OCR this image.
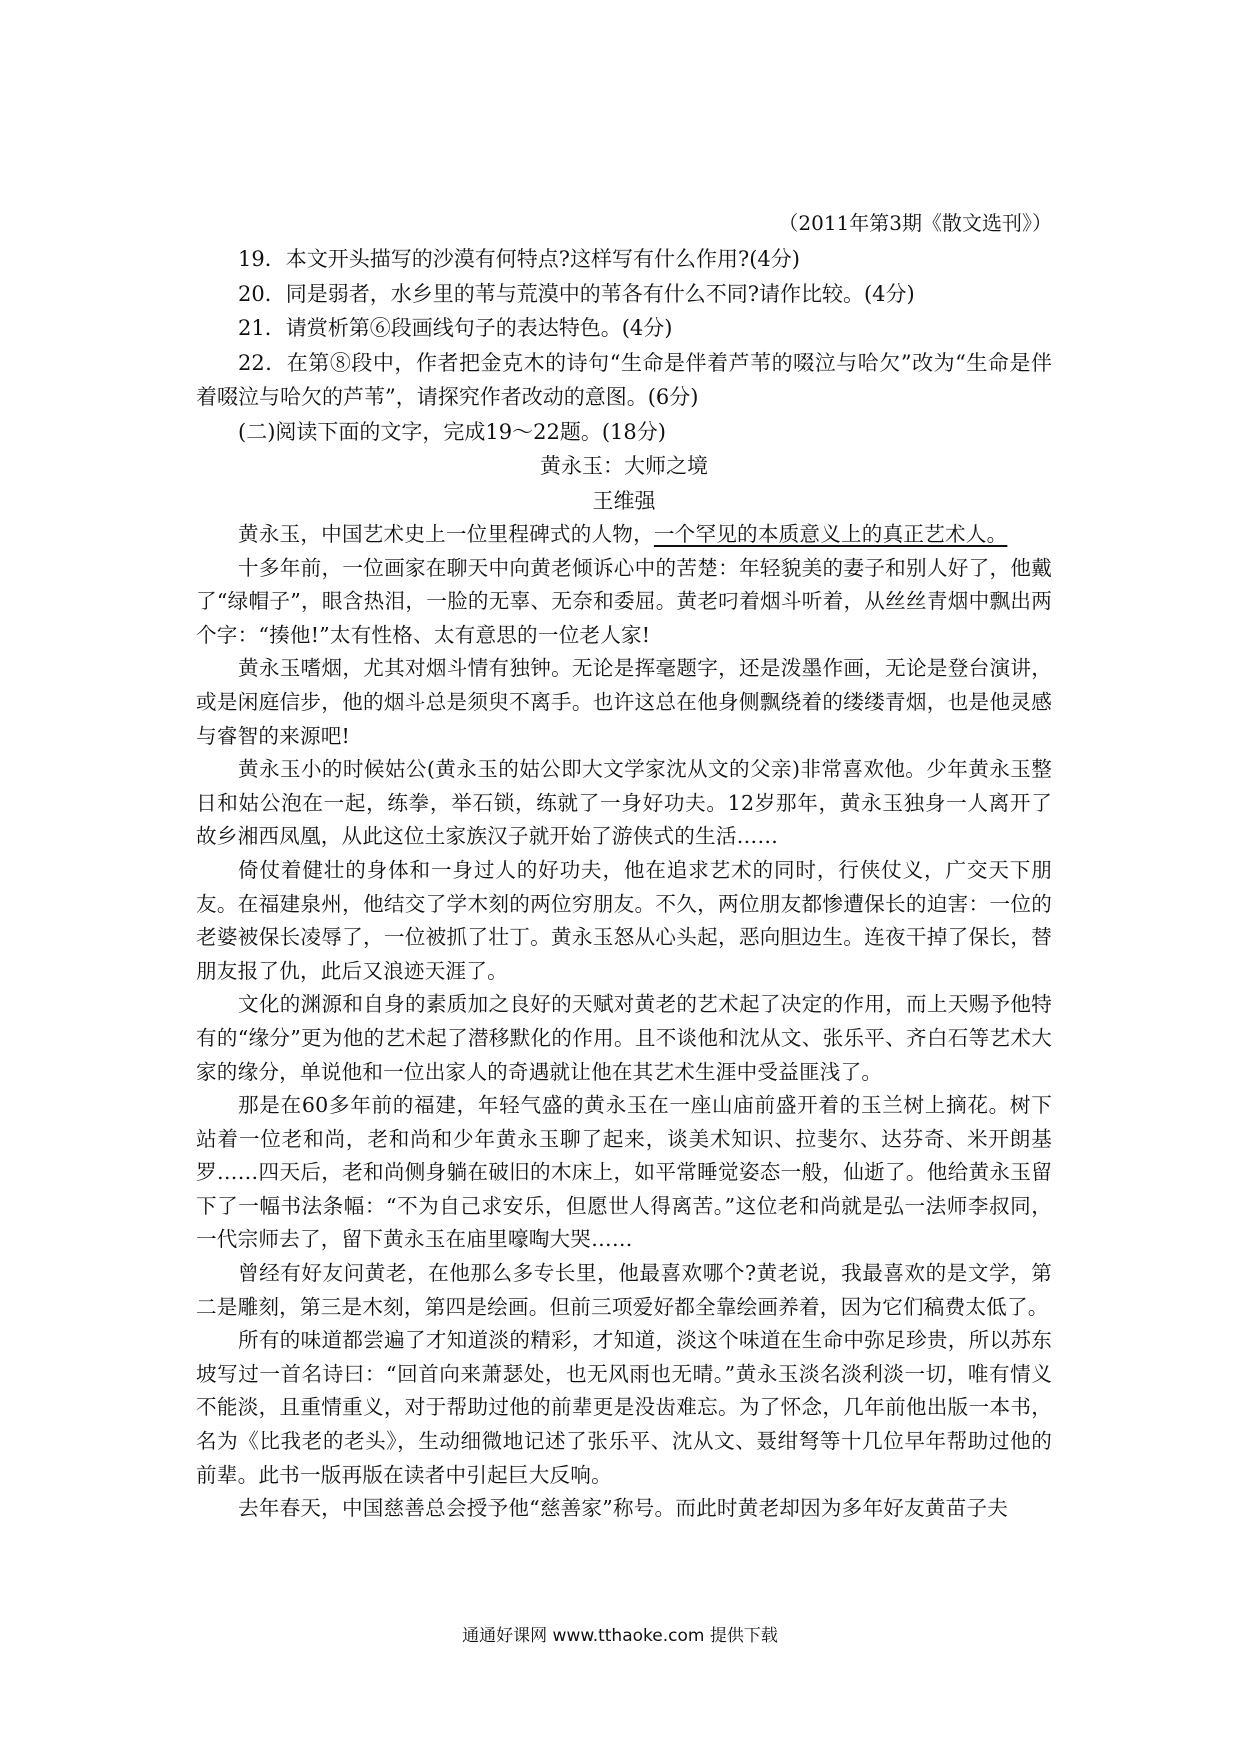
（2011年第3期《散文选刊》）

19．本文开头描写的沙漠有何特点?这样写有什么作用?(4分)

20．同是弱者，水乡里的苇与荒漠中的苇各有什么不同?请作比较。(4分)

21．请赏析第⑥段画线句子的表达特色。(4分)

22．在第⑧段中，作者把金克木的诗句“生命是伴着芦苇的啜泣与哈欠”改为“生命是伴着啜泣与哈欠的芦苇”，请探究作者改动的意图。(6分)

(二)阅读下面的文字，完成19～22题。(18分)

黄永玉：大师之境

王维强

黄永玉，中国艺术史上一位里程碑式的人物，一个罕见的本质意义上的真正艺术人。

十多年前，一位画家在聊天中向黄老倾诉心中的苦楚：年轻貌美的妻子和别人好了，他戴了“绿帽子”，眼含热泪，一脸的无辜、无奈和委屈。黄老叼着烟斗听着，从丝丝青烟中飘出两个字：“揍他!”太有性格、太有意思的一位老人家!

黄永玉嗜烟，尤其对烟斗情有独钟。无论是挥毫题字，还是泼墨作画，无论是登台演讲，或是闲庭信步，他的烟斗总是须臾不离手。也许这总在他身侧飘绕着的缕缕青烟，也是他灵感与睿智的来源吧!

黄永玉小的时候姑公(黄永玉的姑公即大文学家沈从文的父亲)非常喜欢他。少年黄永玉整日和姑公泡在一起，练拳，举石锁，练就了一身好功夫。12岁那年，黄永玉独身一人离开了故乡湘西凤凰，从此这位土家族汉子就开始了游侠式的生活……

倚仗着健壮的身体和一身过人的好功夫，他在追求艺术的同时，行侠仗义，广交天下朋友。在福建泉州，他结交了学木刻的两位穷朋友。不久，两位朋友都惨遭保长的迫害：一位的老婆被保长凌辱了，一位被抓了壮丁。黄永玉怒从心头起，恶向胆边生。连夜干掉了保长，替朋友报了仇，此后又浪迹天涯了。

文化的渊源和自身的素质加之良好的天赋对黄老的艺术起了决定的作用，而上天赐予他特有的“缘分”更为他的艺术起了潜移默化的作用。且不谈他和沈从文、张乐平、齐白石等艺术大家的缘分，单说他和一位出家人的奇遇就让他在其艺术生涯中受益匪浅了。

那是在60多年前的福建，年轻气盛的黄永玉在一座山庙前盛开着的玉兰树上摘花。树下站着一位老和尚，老和尚和少年黄永玉聊了起来，谈美术知识、拉斐尔、达芬奇、米开朗基罗……四天后，老和尚侧身躺在破旧的木床上，如平常睡觉姿态一般，仙逝了。他给黄永玉留下了一幅书法条幅：“不为自己求安乐，但愿世人得离苦。”这位老和尚就是弘一法师李叔同，一代宗师去了，留下黄永玉在庙里嚎啕大哭……

曾经有好友问黄老，在他那么多专长里，他最喜欢哪个?黄老说，我最喜欢的是文学，第二是雕刻，第三是木刻，第四是绘画。但前三项爱好都全靠绘画养着，因为它们稿费太低了。

所有的味道都尝遍了才知道淡的精彩，才知道，淡这个味道在生命中弥足珍贵，所以苏东坡写过一首名诗曰：“回首向来萧瑟处，也无风雨也无晴。”黄永玉淡名淡利淡一切，唯有情义不能淡，且重情重义，对于帮助过他的前辈更是没齿难忘。为了怀念，几年前他出版一本书，名为《比我老的老头》，生动细微地记述了张乐平、沈从文、聂绀弩等十几位早年帮助过他的前辈。此书一版再版在读者中引起巨大反响。

去年春天，中国慈善总会授予他“慈善家”称号。而此时黄老却因为多年好友黄苗子夫

通通好课网 www.tthaoke.com 提供下载
